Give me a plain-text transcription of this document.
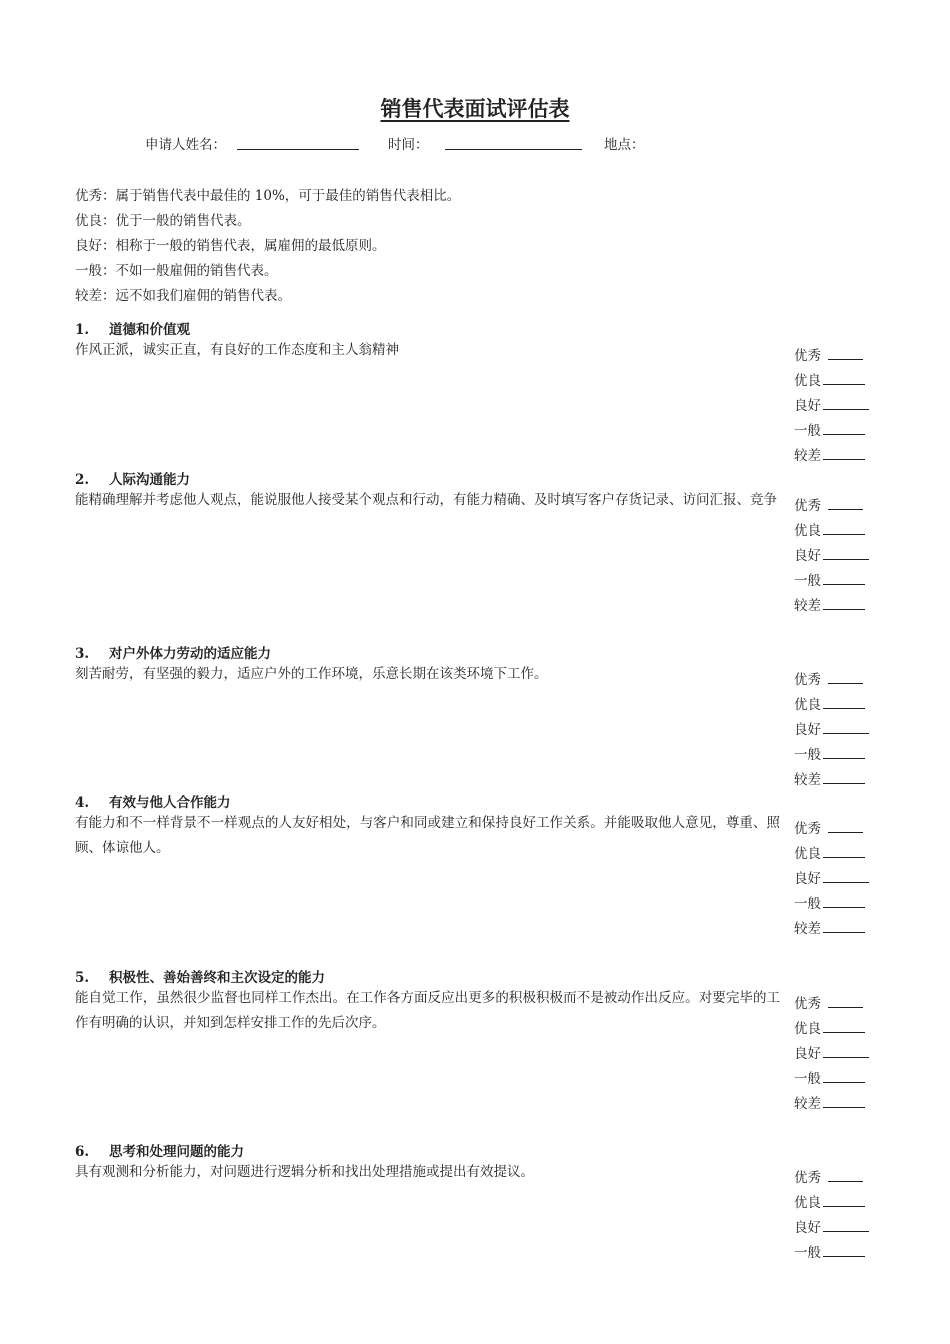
销售代表面试评估表
申请人姓名：	时间：	地点：
优秀：属于销售代表中最佳的 10%，可于最佳的销售代表相比。
优良：优于一般的销售代表。
良好：相称于一般的销售代表，属雇佣的最低原则。
一般：不如一般雇佣的销售代表。
较差：远不如我们雇佣的销售代表。
1. 道德和价值观
作风正派，诚实正直，有良好的工作态度和主人翁精神	优秀
优良
良好
一般
较差
2. 人际沟通能力
能精确理解并考虑他人观点，能说服他人接受某个观点和行动，有能力精确、及时填写客户存货记录、访问汇报、竞争 优秀
优良
良好
一般
较差
3. 对户外体力劳动的适应能力
刻苦耐劳，有坚强的毅力，适应户外的工作环境，乐意长期在该类环境下工作。	优秀
优良
良好
一般
较差
4. 有效与他人合作能力
有能力和不一样背景不一样观点的人友好相处，与客户和同或建立和保持良好工作关系。并能吸取他人意见，尊重、照顾、体谅他人。
优秀
优良
良好
一般
较差
5. 积极性、善始善终和主次设定的能力
能自觉工作，虽然很少监督也同样工作杰出。在工作各方面反应出更多的积极积极而不是被动作出反应。对要完毕的工作有明确的认识，并知到怎样安排工作的先后次序。
优秀
优良
良好
一般
较差
6. 思考和处理问题的能力
具有观测和分析能力，对问题进行逻辑分析和找出处理措施或提出有效提议。	优秀
优良
良好
一般
